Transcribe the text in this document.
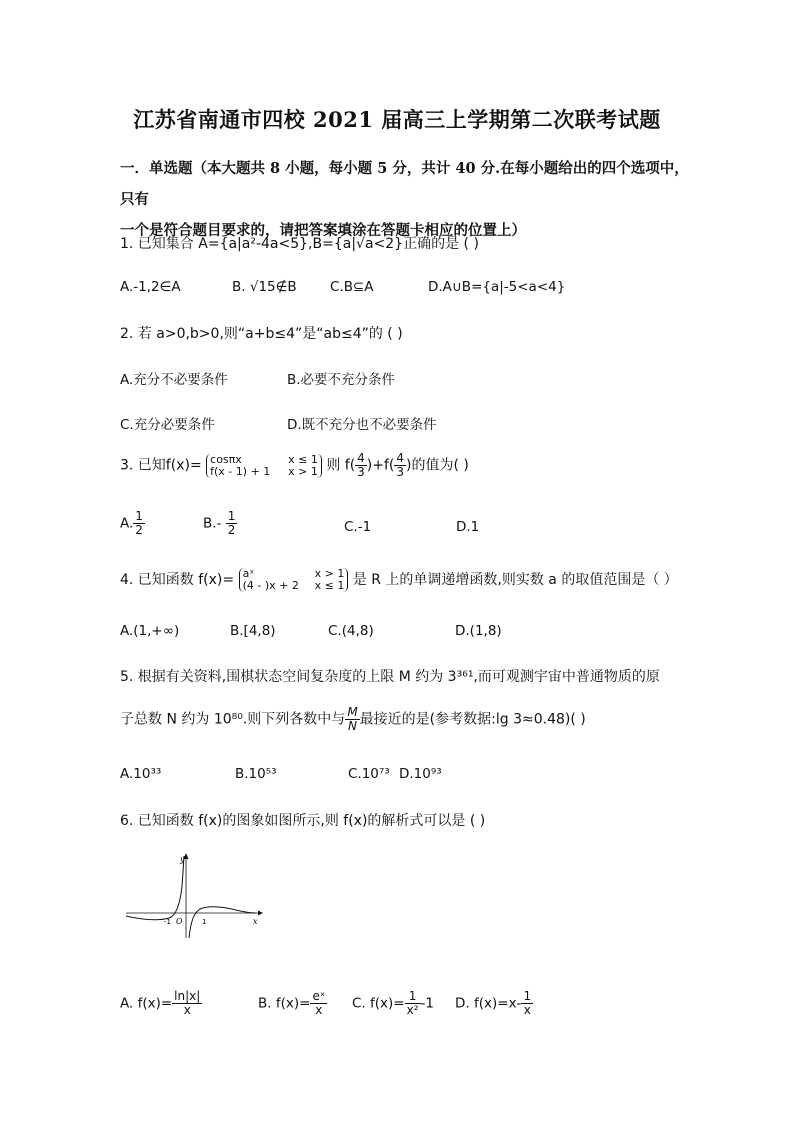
江苏省南通市四校 2021 届高三上学期第二次联考试题
一．单选题（本大题共 8 小题，每小题 5 分，共计 40 分.在每小题给出的四个选项中，只有
一个是符合题目要求的，请把答案填涂在答题卡相应的位置上）
1. 已知集合 A={a|a²-4a<5},B={a|√a<2}正确的是 ( )
A.-1,2∈A	B. √15∉B C.B⊆A	D.A∪B={a|-5<a<4}
2. 若 a>0,b>0,则“a+b≤4”是“ab≤4”的 ( )
A.充分不必要条件	B.必要不充分条件
C.充分必要条件	D.既不充分也不必要条件
3. 已知f(x)= cosπx	x ≤ 1
f(x - 1) + 1 x > 1 则 $f( \frac{4}{3} )+f( \frac{4}{3}$ )的值为( )
A. $\frac{1}{2}$	$B.- \frac{1}{2}$	C.-1	D.1
4. 已知函数 f(x)= aˣ	x > 1
(4 - )x + 2 x ≤ 1 是 R 上的单调递增函数,则实数 a 的取值范围是（ ）
A.(1,+∞)	B.[4,8)	C.(4,8)	D.(1,8)
5. 根据有关资料,围棋状态空间复杂度的上限 M 约为 3³⁶¹,而可观测宇宙中普通物质的原
子总数 N 约为 10⁸⁰.则下列各数中与 $\frac{M}{N}$ 最接近的是(参考数据:lg 3≈0.48)( )
A.10³³	B.10⁵³	C.10⁷³ D.10⁹³
6. 已知函数 f(x)的图象如图所示,则 f(x)的解析式可以是 ( )
y
x
O
-1	1
A. $f(x)= \frac{\ln|x|}{x}$	B. $f(x)= \frac{\text{eˣ}}{x} C$. $f(x)= \frac{1}{\text{x²}} -1$ D. $f(x)=x- \frac{1}{x}$
